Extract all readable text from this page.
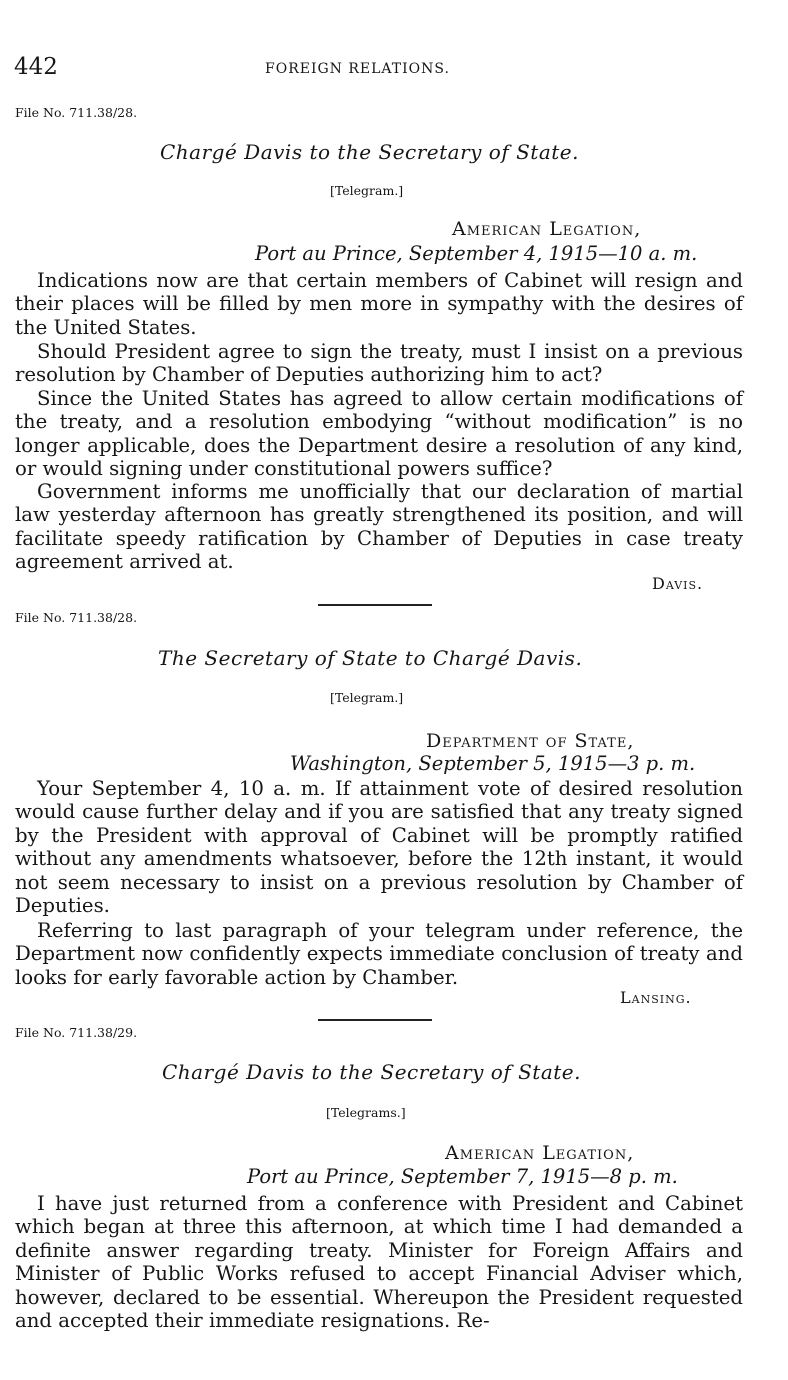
442	FOREIGN RELATIONS.
File No. 711.38/28.
Chargé Davis to the Secretary of State.
[Telegram.]
American Legation,
Port au Prince, September 4, 1915—10 a. m.
Indications now are that certain members of Cabinet will resign and their places will be filled by men more in sympathy with the desires of the United States.
Should President agree to sign the treaty, must I insist on a previous resolution by Chamber of Deputies authorizing him to act?
Since the United States has agreed to allow certain modifications of the treaty, and a resolution embodying “without modification” is no longer applicable, does the Department desire a resolution of any kind, or would signing under constitutional powers suffice?
Government informs me unofficially that our declaration of martial law yesterday afternoon has greatly strengthened its position, and will facilitate speedy ratification by Chamber of Deputies in case treaty agreement arrived at.
Davis.
File No. 711.38/28.
The Secretary of State to Chargé Davis.
[Telegram.]
Department of State,
Washington, September 5, 1915—3 p. m.
Your September 4, 10 a. m. If attainment vote of desired resolution would cause further delay and if you are satisfied that any treaty signed by the President with approval of Cabinet will be promptly ratified without any amendments whatsoever, before the 12th instant, it would not seem necessary to insist on a previous resolution by Chamber of Deputies.
Referring to last paragraph of your telegram under reference, the Department now confidently expects immediate conclusion of treaty and looks for early favorable action by Chamber.
Lansing.
File No. 711.38/29.
Chargé Davis to the Secretary of State.
[Telegrams.]
American Legation,
Port au Prince, September 7, 1915—8 p. m.
I have just returned from a conference with President and Cabinet which began at three this afternoon, at which time I had demanded a definite answer regarding treaty. Minister for Foreign Affairs and Minister of Public Works refused to accept Financial Adviser which, however, declared to be essential. Whereupon the President requested and accepted their immediate resignations. Re-
